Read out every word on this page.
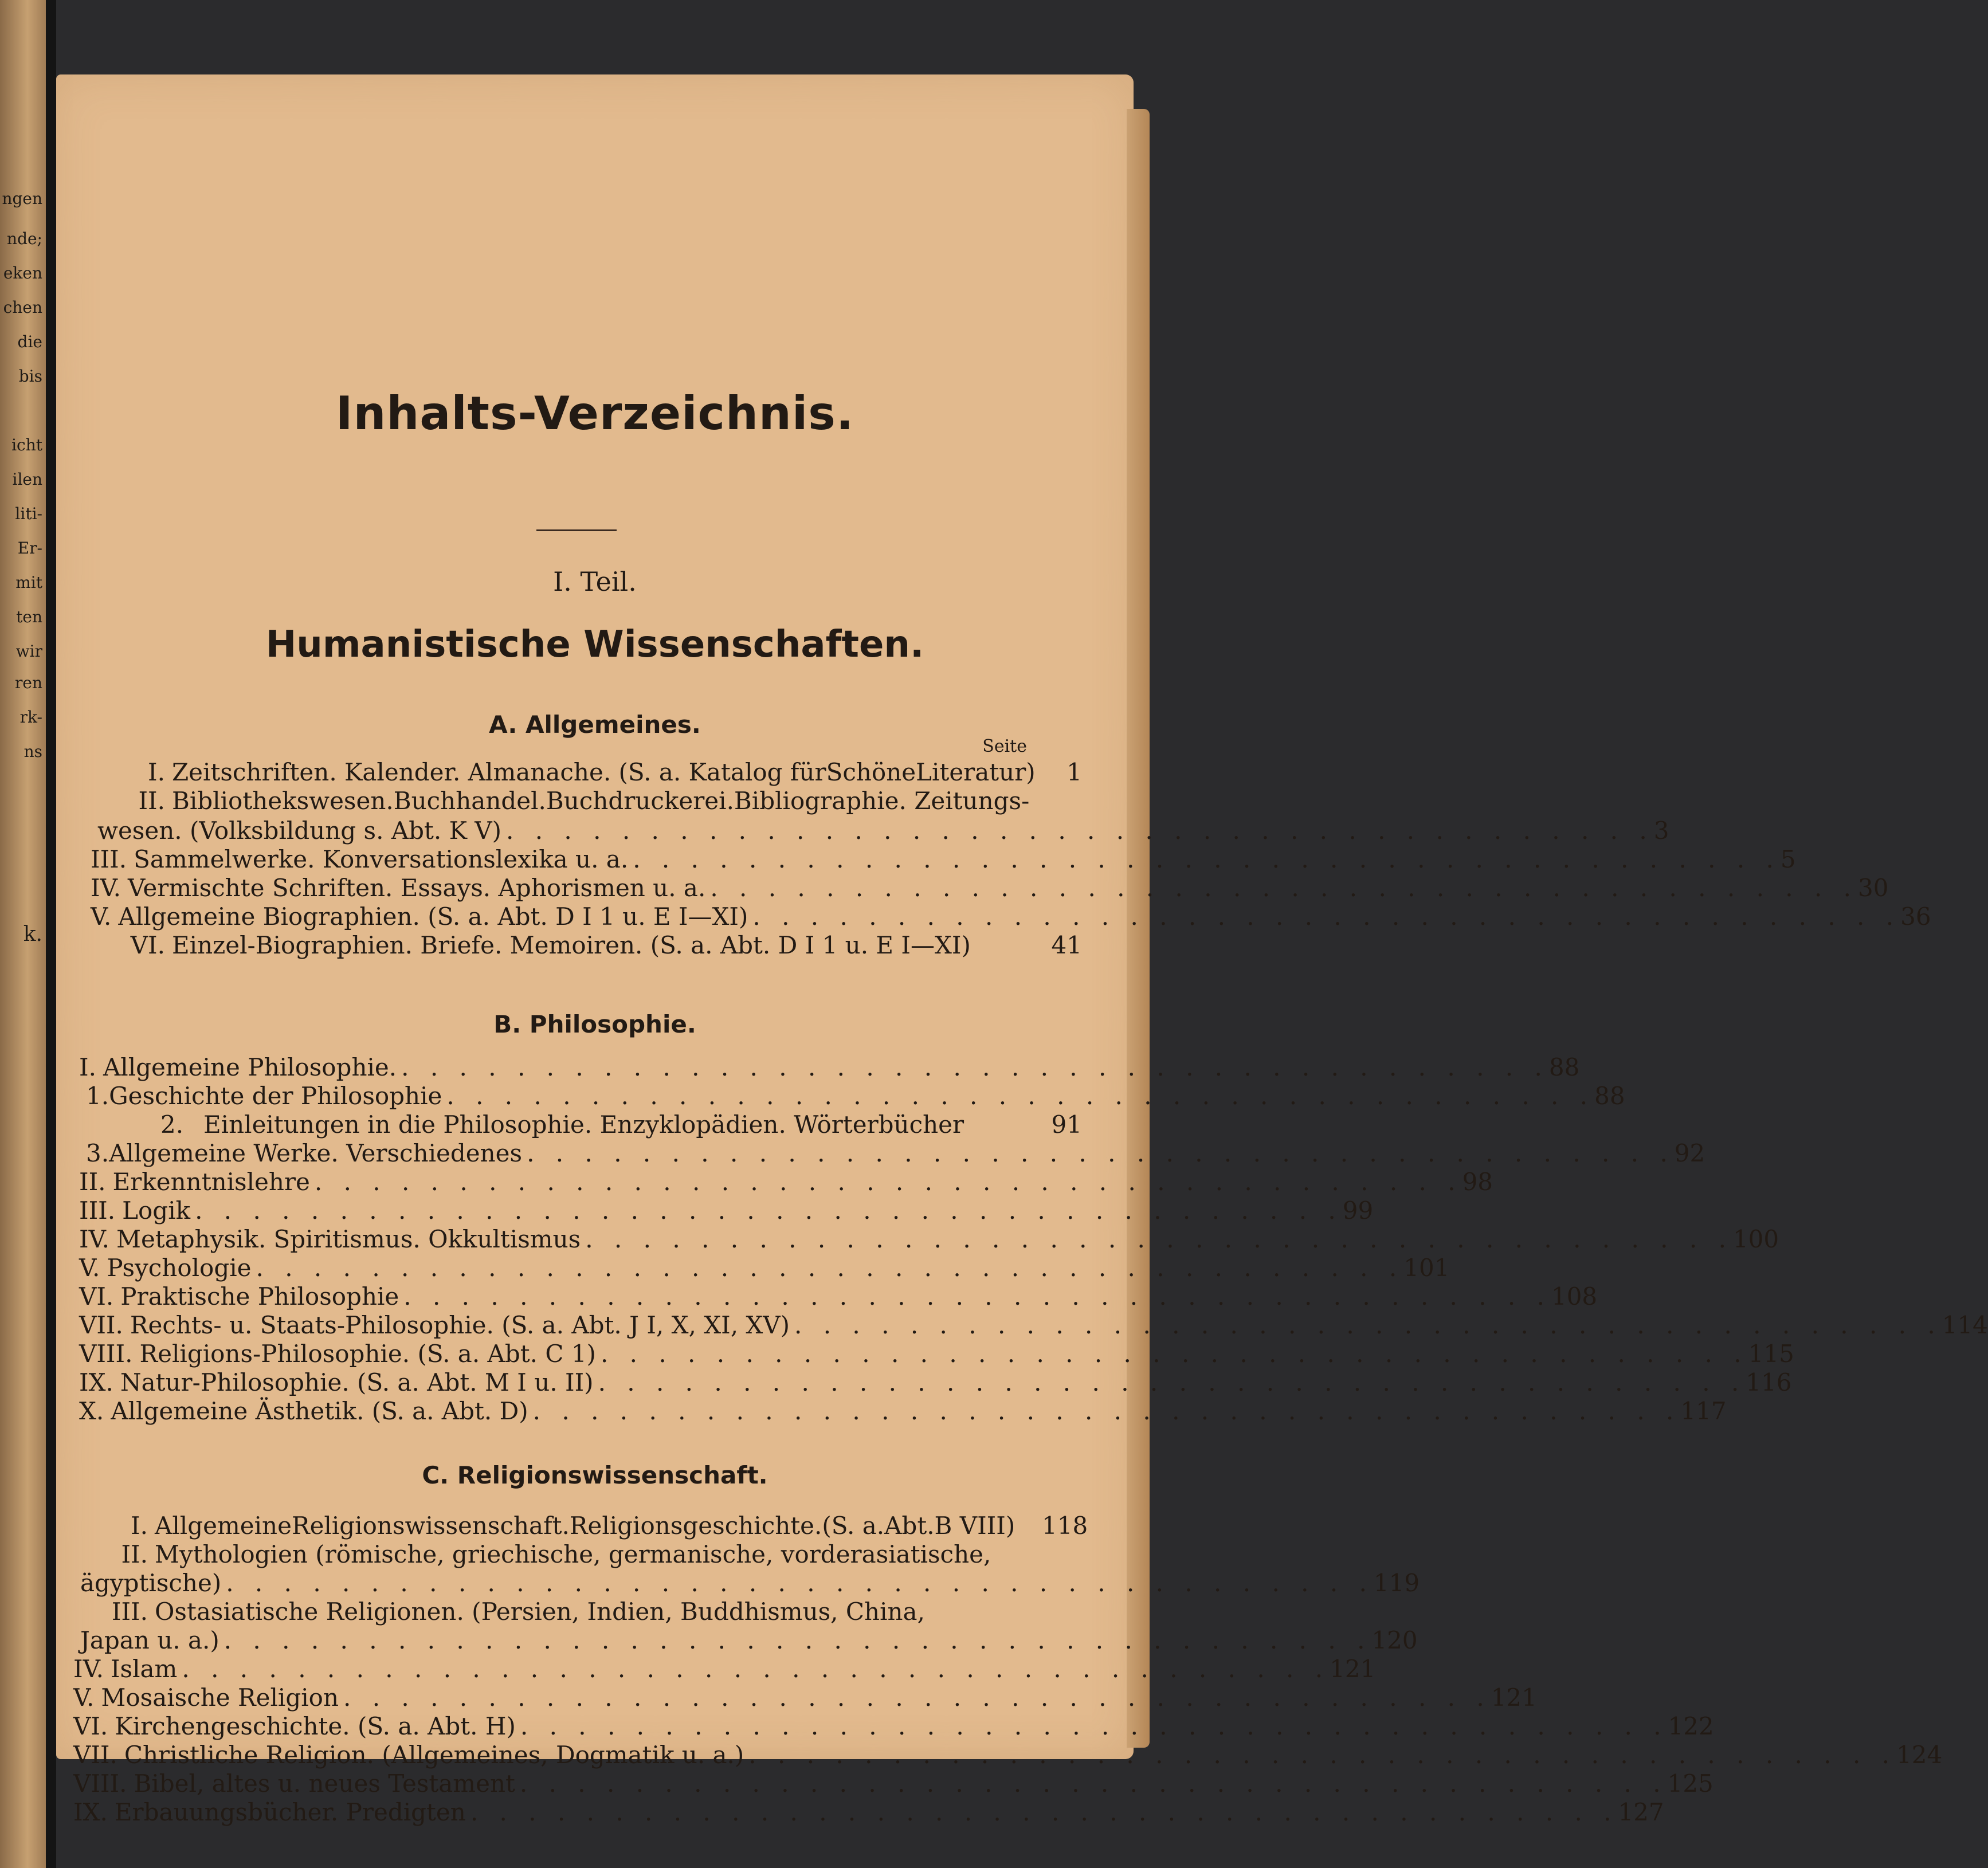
ngen
nde;
eken
chen
die
bis
icht
ilen
liti-
Er-
mit
ten
wir
ren
rk-
ns
k.
Inhalts-Verzeichnis.
I. Teil.
Humanistische Wissenschaften.
A. Allgemeines.
Seite
I. Zeitschriften. Kalender. Almanache. (S. a. Katalog fürSchöneLiteratur)	1
II. Bibliothekswesen.Buchhandel.Buchdruckerei.Bibliographie. Zeitungs-
wesen. (Volksbildung s. Abt. K V) . . . . . . . . . . . . . . . . . . . . . . . . . . . . . . . . . . . . . . . . 3
III. Sammelwerke. Konversationslexika u. a. . . . . . . . . . . . . . . . . . . . . . . . . . . . . . . . . . . . . . . . . 5
IV. Vermischte Schriften. Essays. Aphorismen u. a. . . . . . . . . . . . . . . . . . . . . . . . . . . . . . . . . . . . . . . . . 30
V. Allgemeine Biographien. (S. a. Abt. D I 1 u. E I—XI) . . . . . . . . . . . . . . . . . . . . . . . . . . . . . . . . . . . . . . . . 36
VI. Einzel-Biographien. Briefe. Memoiren. (S. a. Abt. D I 1 u. E I—XI)	41
B. Philosophie.
I. Allgemeine Philosophie. . . . . . . . . . . . . . . . . . . . . . . . . . . . . . . . . . . . . . . . . 88
1. Geschichte der Philosophie . . . . . . . . . . . . . . . . . . . . . . . . . . . . . . . . . . . . . . . . 88
2. Einleitungen in die Philosophie. Enzyklopädien. Wörterbücher	91
3. Allgemeine Werke. Verschiedenes . . . . . . . . . . . . . . . . . . . . . . . . . . . . . . . . . . . . . . . . 92
II. Erkenntnislehre . . . . . . . . . . . . . . . . . . . . . . . . . . . . . . . . . . . . . . . . 98
III. Logik . . . . . . . . . . . . . . . . . . . . . . . . . . . . . . . . . . . . . . . . 99
IV. Metaphysik. Spiritismus. Okkultismus . . . . . . . . . . . . . . . . . . . . . . . . . . . . . . . . . . . . . . . . 100
V. Psychologie . . . . . . . . . . . . . . . . . . . . . . . . . . . . . . . . . . . . . . . . 101
VI. Praktische Philosophie . . . . . . . . . . . . . . . . . . . . . . . . . . . . . . . . . . . . . . . . 108
VII. Rechts- u. Staats-Philosophie. (S. a. Abt. J I, X, XI, XV) . . . . . . . . . . . . . . . . . . . . . . . . . . . . . . . . . . . . . . . . 114
VIII. Religions-Philosophie. (S. a. Abt. C 1) . . . . . . . . . . . . . . . . . . . . . . . . . . . . . . . . . . . . . . . . 115
IX. Natur-Philosophie. (S. a. Abt. M I u. II) . . . . . . . . . . . . . . . . . . . . . . . . . . . . . . . . . . . . . . . . 116
X. Allgemeine Ästhetik. (S. a. Abt. D) . . . . . . . . . . . . . . . . . . . . . . . . . . . . . . . . . . . . . . . . 117
C. Religionswissenschaft.
I. AllgemeineReligionswissenschaft.Religionsgeschichte.(S. a.Abt.B VIII) 118
II. Mythologien (römische, griechische, germanische, vorderasiatische,
ägyptische) . . . . . . . . . . . . . . . . . . . . . . . . . . . . . . . . . . . . . . . . 119
III. Ostasiatische Religionen. (Persien, Indien, Buddhismus, China,
Japan u. a.) . . . . . . . . . . . . . . . . . . . . . . . . . . . . . . . . . . . . . . . . 120
IV. Islam . . . . . . . . . . . . . . . . . . . . . . . . . . . . . . . . . . . . . . . . 121
V. Mosaische Religion . . . . . . . . . . . . . . . . . . . . . . . . . . . . . . . . . . . . . . . . 121
VI. Kirchengeschichte. (S. a. Abt. H) . . . . . . . . . . . . . . . . . . . . . . . . . . . . . . . . . . . . . . . . 122
VII. Christliche Religion. (Allgemeines, Dogmatik u. a.) . . . . . . . . . . . . . . . . . . . . . . . . . . . . . . . . . . . . . . . . 124
VIII. Bibel, altes u. neues Testament . . . . . . . . . . . . . . . . . . . . . . . . . . . . . . . . . . . . . . . . 125
IX. Erbauungsbücher. Predigten . . . . . . . . . . . . . . . . . . . . . . . . . . . . . . . . . . . . . . . . 127
